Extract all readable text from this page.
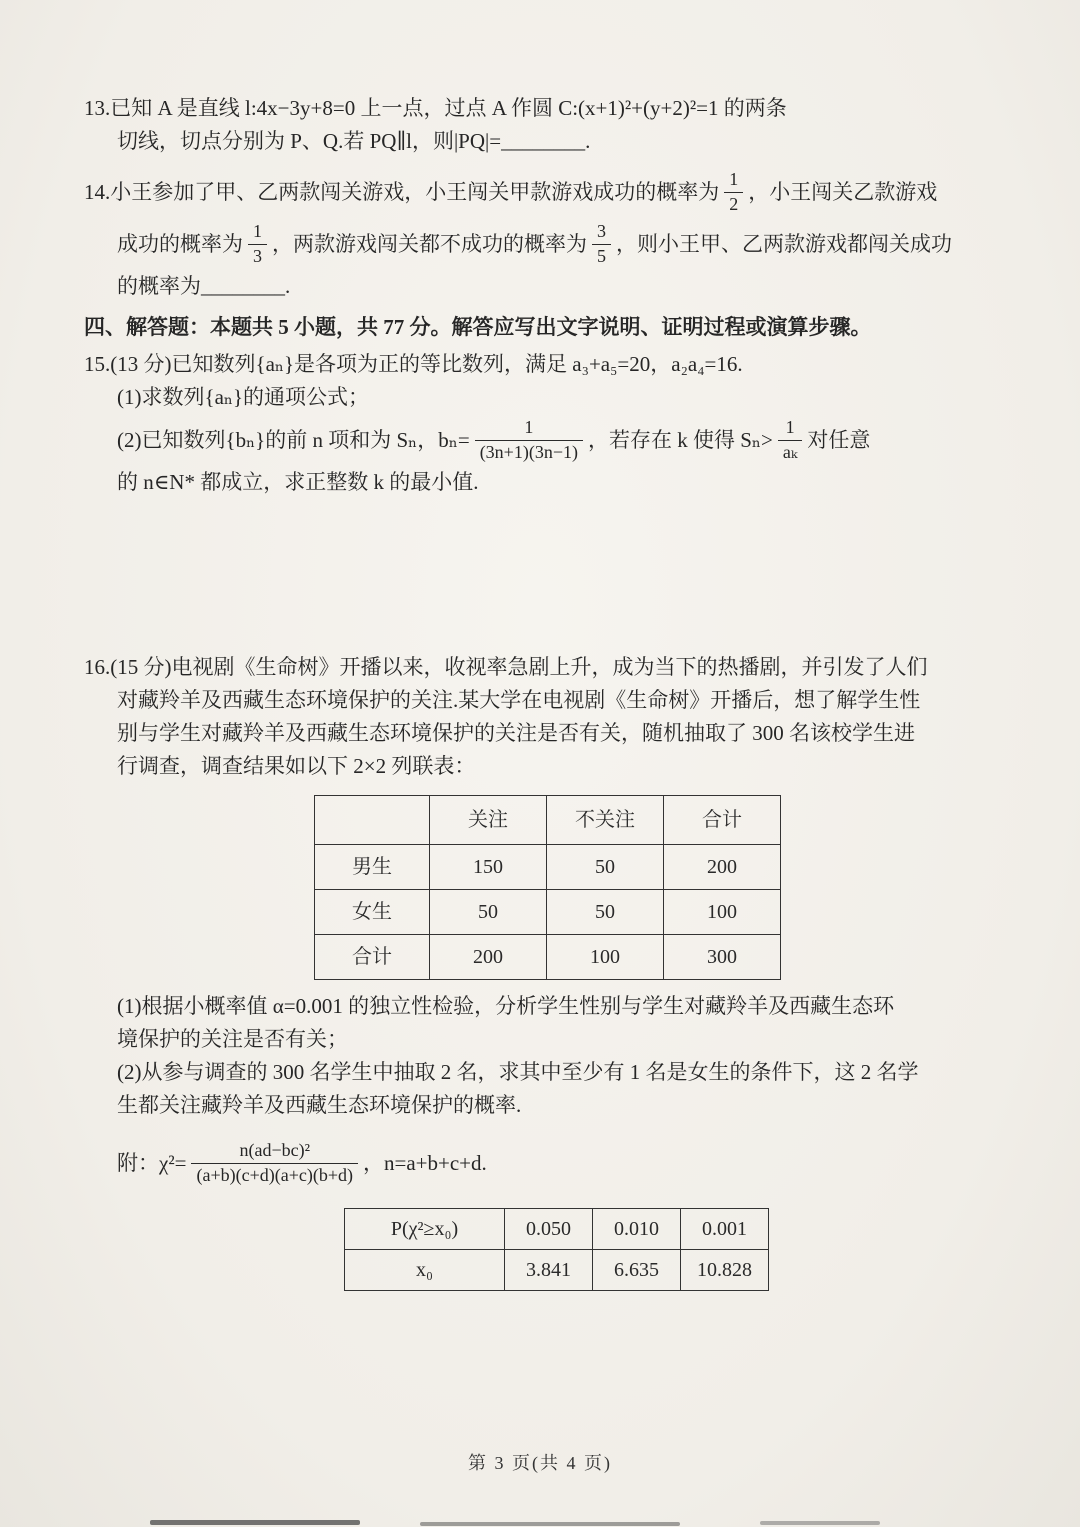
13.已知 A 是直线 l:4x−3y+8=0 上一点，过点 A 作圆 C:(x+1)²+(y+2)²=1 的两条
切线，切点分别为 P、Q.若 PQ∥l，则|PQ|=________.
14.小王参加了甲、乙两款闯关游戏，小王闯关甲款游戏成功的概率为 $\frac{1}{2}$ ，小王闯关乙款游戏
成功的概率为 $\frac{1}{3}$ ，两款游戏闯关都不成功的概率为 $\frac{3}{5}$ ，则小王甲、乙两款游戏都闯关成功
的概率为________.
四、解答题：本题共 5 小题，共 77 分。解答应写出文字说明、证明过程或演算步骤。
15.(13 分)已知数列{aₙ}是各项为正的等比数列，满足 a₃+a₅=20，a₂a₄=16.
(1)求数列{aₙ}的通项公式；
(2)已知数列{bₙ}的前 n 项和为 Sₙ，$b_n= \frac{1}{(3n+1)(3n-1)}$ ，若存在 k 使得 $S_n> \frac{1}{\text{aₖ}}$ 对任意
的 n∈N* 都成立，求正整数 k 的最小值.
16.(15 分)电视剧《生命树》开播以来，收视率急剧上升，成为当下的热播剧，并引发了人们
对藏羚羊及西藏生态环境保护的关注.某大学在电视剧《生命树》开播后，想了解学生性
别与学生对藏羚羊及西藏生态环境保护的关注是否有关，随机抽取了 300 名该校学生进
行调查，调查结果如以下 2×2 列联表：
	关注	不关注	合计
男生	150	50	200
女生	50	50	100
合计	200	100	300
(1)根据小概率值 α=0.001 的独立性检验，分析学生性别与学生对藏羚羊及西藏生态环
境保护的关注是否有关；
(2)从参与调查的 300 名学生中抽取 2 名，求其中至少有 1 名是女生的条件下，这 2 名学
生都关注藏羚羊及西藏生态环境保护的概率.
附：$\chi^2= \frac{\text{n(ad−bc)²}}{(a+b)(c+d)(a+c)(b+d)}$ ，n=a+b+c+d.
P(χ²≥x₀)	0.050	0.010	0.001
x₀	3.841	6.635	10.828
第 3 页(共 4 页)
